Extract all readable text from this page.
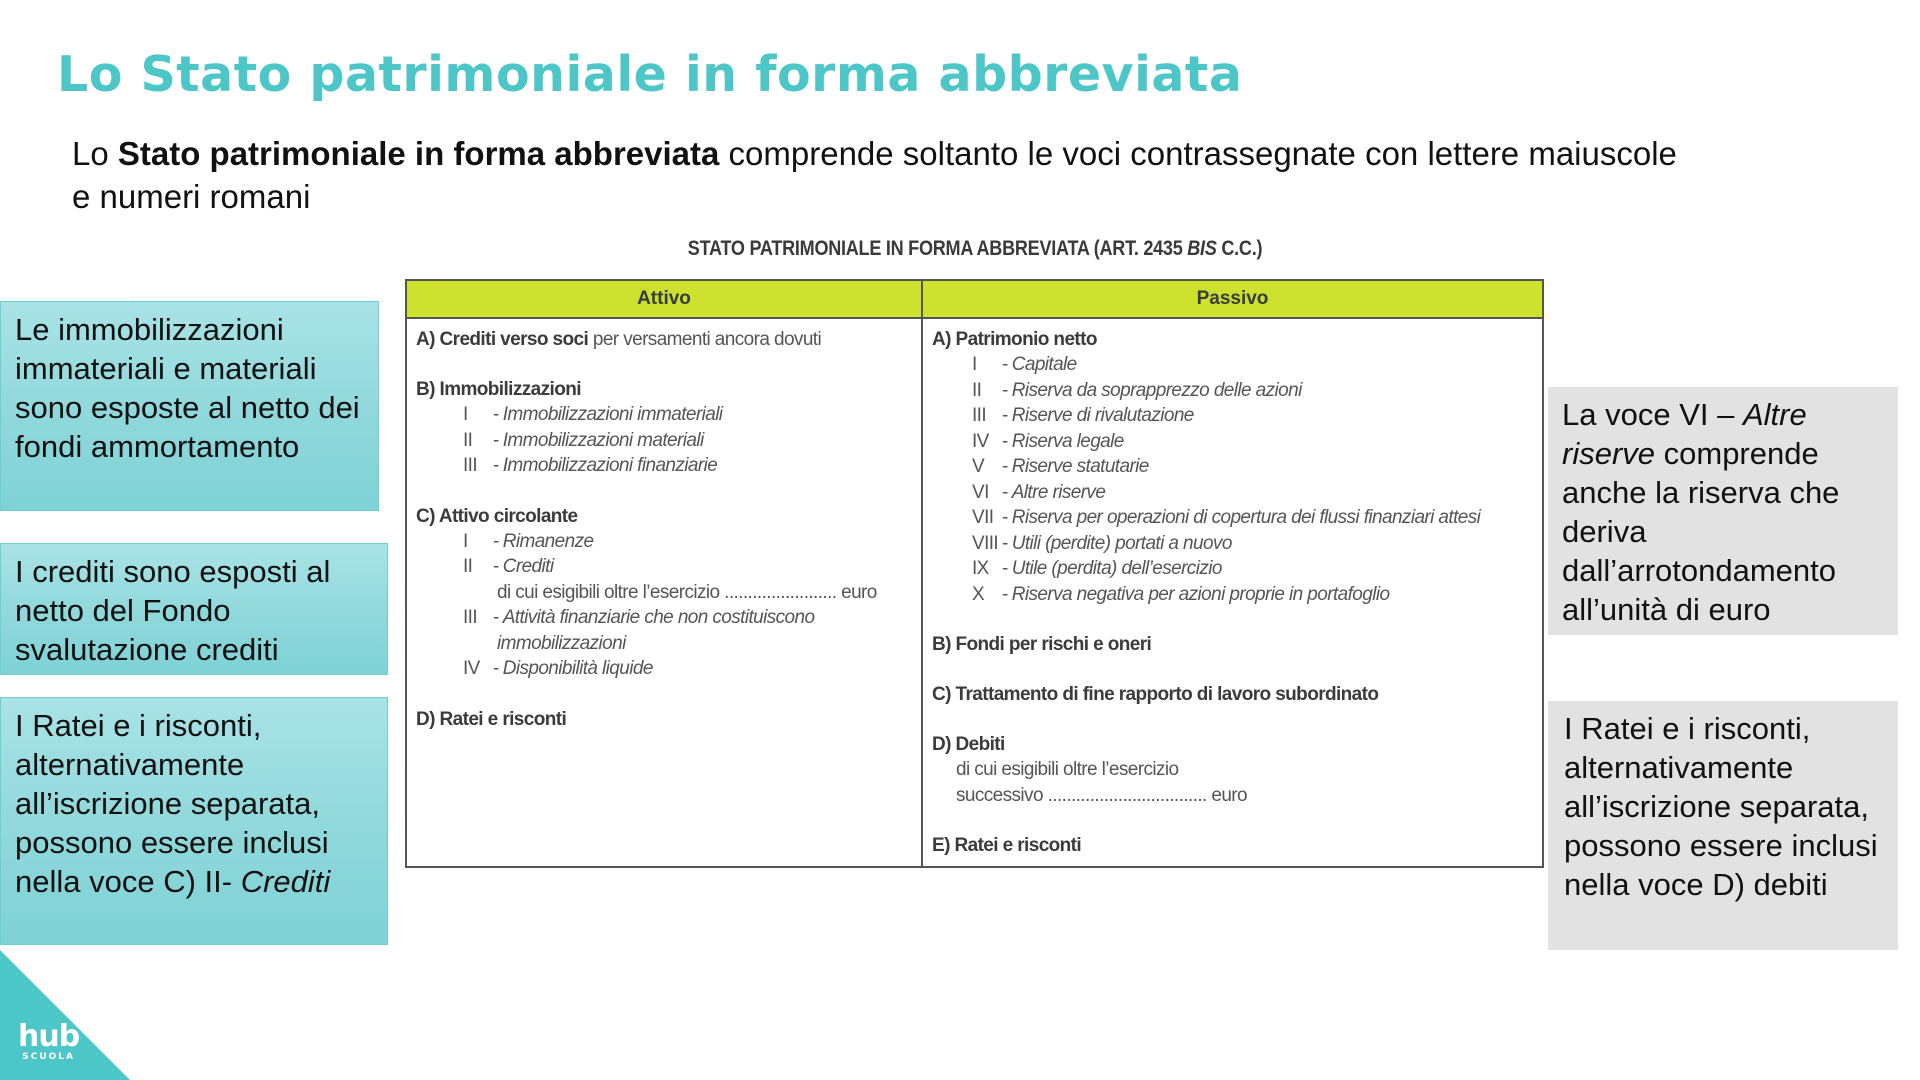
Lo Stato patrimoniale in forma abbreviata

Lo Stato patrimoniale in forma abbreviata comprende soltanto le voci contrassegnate con lettere maiuscole e numeri romani

Le immobilizzazioni immateriali e materiali sono esposte al netto dei fondi ammortamento
I crediti sono esposti al netto del Fondo svalutazione crediti
I Ratei e i risconti, alternativamente all’iscrizione separata, possono essere inclusi nella voce C) II- Crediti
La voce VI – Altre riserve comprende anche la riserva che deriva dall’arrotondamento all’unità di euro
I Ratei e i risconti, alternativamente all’iscrizione separata, possono essere inclusi nella voce D) debiti
STATO PATRIMONIALE IN FORMA ABBREVIATA (ART. 2435 BIS C.C.)
Attivo	Passivo
A) Crediti verso soci per versamenti ancora dovuti
B) Immobilizzazioni
I	- Immobilizzazioni immateriali
II	- Immobilizzazioni materiali
III - Immobilizzazioni finanziarie
C) Attivo circolante
I	- Rimanenze
II	- Crediti
di cui esigibili oltre l’esercizio ........................ euro
III - Attività finanziarie che non costituiscono
immobilizzazioni
IV - Disponibilità liquide
D) Ratei e risconti
A) Patrimonio netto
I	- Capitale
II	- Riserva da soprapprezzo delle azioni
III - Riserve di rivalutazione
IV - Riserva legale
V - Riserve statutarie
VI - Altre riserve
VII - Riserva per operazioni di copertura dei flussi finanziari attesi
VIII - Utili (perdite) portati a nuovo
IX - Utile (perdita) dell’esercizio
X - Riserva negativa per azioni proprie in portafoglio
B) Fondi per rischi e oneri
C) Trattamento di fine rapporto di lavoro subordinato
D) Debiti
di cui esigibili oltre l’esercizio
successivo .................................. euro
E) Ratei e risconti
hub
SCUOLA
